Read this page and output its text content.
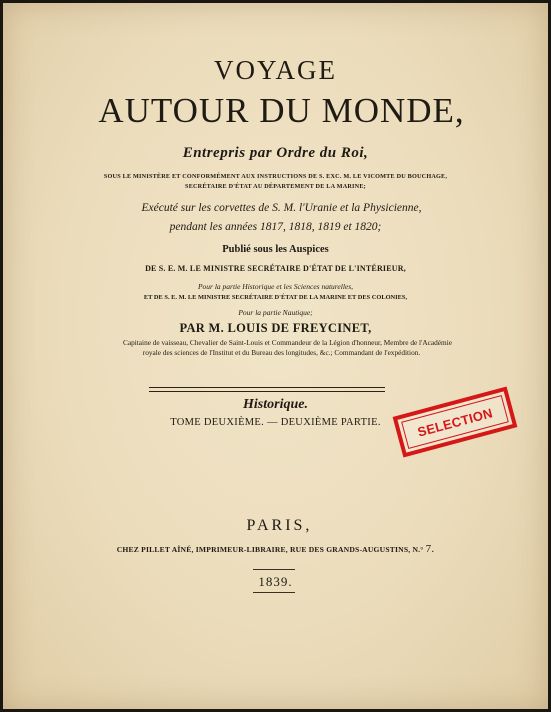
VOYAGE
AUTOUR DU MONDE,
Entrepris par Ordre du Roi,
SOUS LE MINISTÈRE ET CONFORMÉMENT AUX INSTRUCTIONS DE S. EXC. M. LE VICOMTE DU BOUCHAGE,
SECRÉTAIRE D'ÉTAT AU DÉPARTEMENT DE LA MARINE;
Exécuté sur les corvettes de S. M. l'Uranie et la Physicienne,
pendant les années 1817, 1818, 1819 et 1820;
Publié sous les Auspices
DE S. E. M. LE MINISTRE SECRÉTAIRE D'ÉTAT DE L'INTÉRIEUR,
Pour la partie Historique et les Sciences naturelles,
ET DE S. E. M. LE MINISTRE SECRÉTAIRE D'ÉTAT DE LA MARINE ET DES COLONIES,
Pour la partie Nautique;
PAR M. LOUIS DE FREYCINET,
Capitaine de vaisseau, Chevalier de Saint-Louis et Commandeur de la Légion d'honneur, Membre de l'Académie
royale des sciences de l'Institut et du Bureau des longitudes, &c.; Commandant de l'expédition.
Historique.
TOME DEUXIÈME. — DEUXIÈME PARTIE.	SELECTION
PARIS,
CHEZ PILLET AÎNÉ, IMPRIMEUR-LIBRAIRE, RUE DES GRANDS-AUGUSTINS, N.° 7.
1839.
